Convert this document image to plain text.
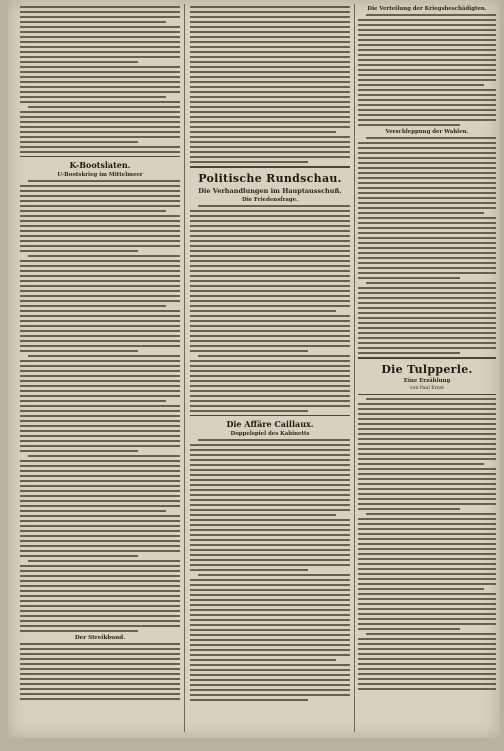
K-Bootslaten.
U-Bootskrieg im Mittelmeer
Der Streikbund.
Politische Rundschau.
Die Verhandlungen im Hauptausschuß.
Die Friedensfrage.
Die Affäre Caillaux.
Doppelspiel des Kabinetts
Die Verteilung der Kriegsbeschädigten.
Verschleppung der Wahlen.
Die Tulpperle.
Eine Erzählung
von Paul Ernst
